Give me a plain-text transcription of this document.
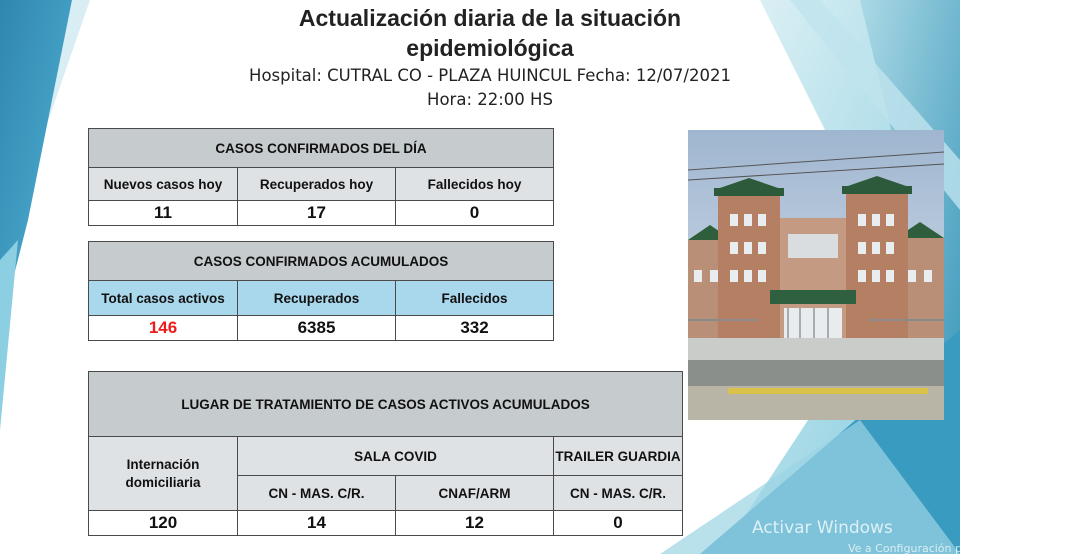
Actualización diaria de la situación
epidemiológica
Hospital: CUTRAL CO - PLAZA HUINCUL Fecha: 12/07/2021
Hora: 22:00 HS
CASOS CONFIRMADOS DEL DÍA		
Nuevos casos hoy	Recuperados hoy	Fallecidos hoy
11	17	0
CASOS CONFIRMADOS ACUMULADOS		
Total casos activos	Recuperados	Fallecidos
146	6385	332
LUGAR DE TRATAMIENTO DE CASOS ACTIVOS ACUMULADOS			
Internación domiciliaria	SALA COVID		TRAILER GUARDIA
	CN - MAS. C/R.	CNAF/ARM	CN - MAS. C/R.
120	14	12	0	Activar Windows
Ve a Configuración para activar Windows.
